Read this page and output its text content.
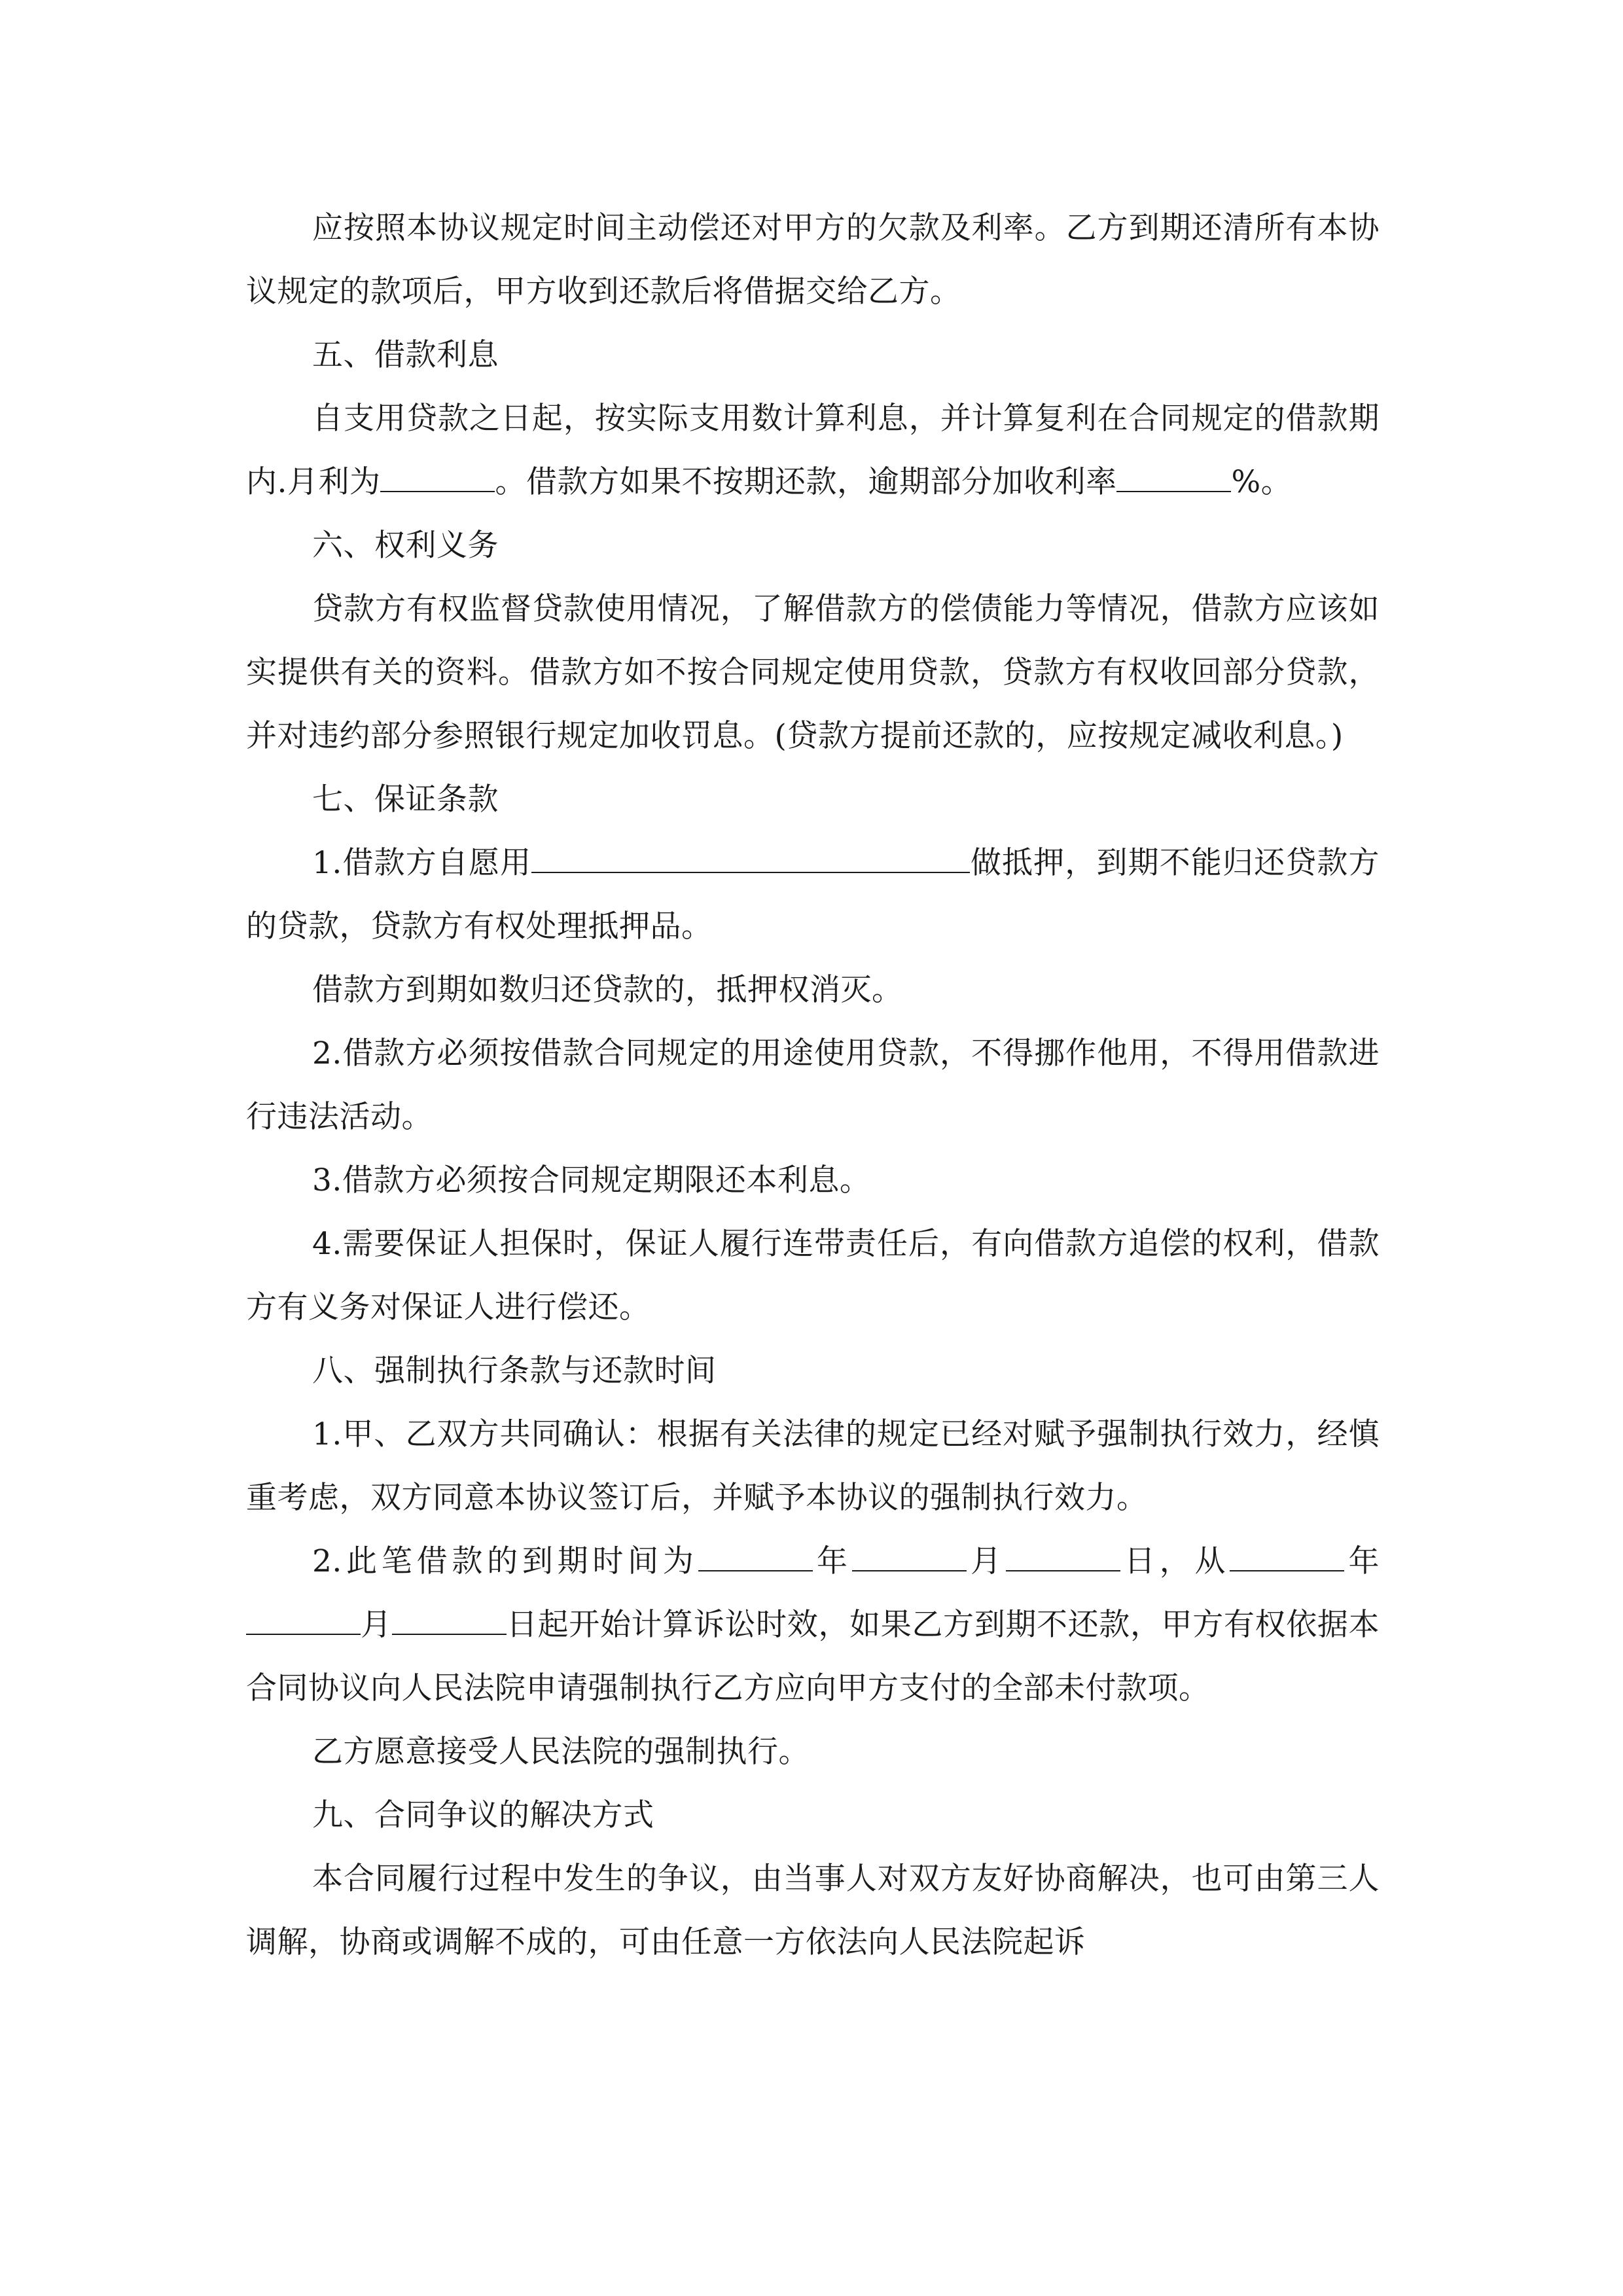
应按照本协议规定时间主动偿还对甲方的欠款及利率。乙方到期还清所有本协议规定的款项后，甲方收到还款后将借据交给乙方。

五、借款利息

自支用贷款之日起，按实际支用数计算利息，并计算复利在合同规定的借款期内.月利为	。借款方如果不按期还款，逾期部分加收利率	%。

六、权利义务

贷款方有权监督贷款使用情况，了解借款方的偿债能力等情况，借款方应该如实提供有关的资料。借款方如不按合同规定使用贷款，贷款方有权收回部分贷款，并对违约部分参照银行规定加收罚息。(贷款方提前还款的，应按规定减收利息。)

七、保证条款

1.借款方自愿用	做抵押，到期不能归还贷款方的贷款，贷款方有权处理抵押品。

借款方到期如数归还贷款的，抵押权消灭。

2.借款方必须按借款合同规定的用途使用贷款，不得挪作他用，不得用借款进行违法活动。

3.借款方必须按合同规定期限还本利息。

4.需要保证人担保时，保证人履行连带责任后，有向借款方追偿的权利，借款方有义务对保证人进行偿还。

八、强制执行条款与还款时间

1.甲、乙双方共同确认：根据有关法律的规定已经对赋予强制执行效力，经慎重考虑，双方同意本协议签订后，并赋予本协议的强制执行效力。

2.此笔借款的到期时间为	年	月	日，从	年月	日起开始计算诉讼时效，如果乙方到期不还款，甲方有权依据本合同协议向人民法院申请强制执行乙方应向甲方支付的全部未付款项。

乙方愿意接受人民法院的强制执行。

九、合同争议的解决方式

本合同履行过程中发生的争议，由当事人对双方友好协商解决，也可由第三人调解，协商或调解不成的，可由任意一方依法向人民法院起诉
